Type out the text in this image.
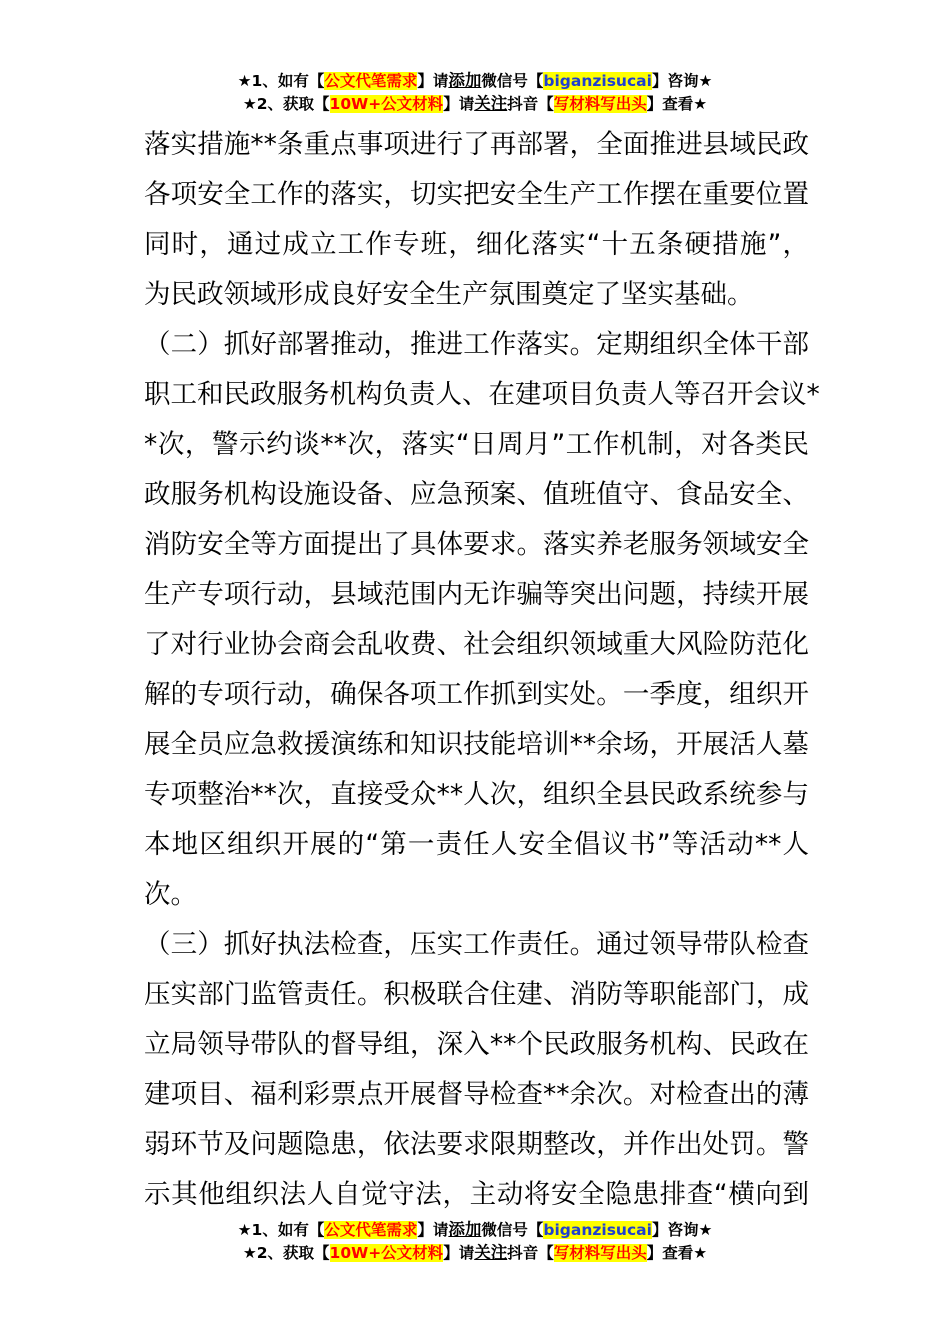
★1、如有【公文代笔需求】请添加微信号【biganzisucai】咨询★
★2、获取【10W+公文材料】请关注抖音【写材料写出头】查看★
落实措施**条重点事项进行了再部署，全面推进县域民政
各项安全工作的落实，切实把安全生产工作摆在重要位置
同时，通过成立工作专班，细化落实“十五条硬措施”，
为民政领域形成良好安全生产氛围奠定了坚实基础。
（二）抓好部署推动，推进工作落实。定期组织全体干部
职工和民政服务机构负责人、在建项目负责人等召开会议*
*次，警示约谈**次，落实“日周月”工作机制，对各类民
政服务机构设施设备、应急预案、值班值守、食品安全、
消防安全等方面提出了具体要求。落实养老服务领域安全
生产专项行动，县域范围内无诈骗等突出问题，持续开展
了对行业协会商会乱收费、社会组织领域重大风险防范化
解的专项行动，确保各项工作抓到实处。一季度，组织开
展全员应急救援演练和知识技能培训**余场，开展活人墓
专项整治**次，直接受众**人次，组织全县民政系统参与
本地区组织开展的“第一责任人安全倡议书”等活动**人
次。
（三）抓好执法检查，压实工作责任。通过领导带队检查
压实部门监管责任。积极联合住建、消防等职能部门，成
立局领导带队的督导组，深入**个民政服务机构、民政在
建项目、福利彩票点开展督导检查**余次。对检查出的薄
弱环节及问题隐患，依法要求限期整改，并作出处罚。警
示其他组织法人自觉守法，主动将安全隐患排查“横向到
★1、如有【公文代笔需求】请添加微信号【biganzisucai】咨询★
★2、获取【10W+公文材料】请关注抖音【写材料写出头】查看★
